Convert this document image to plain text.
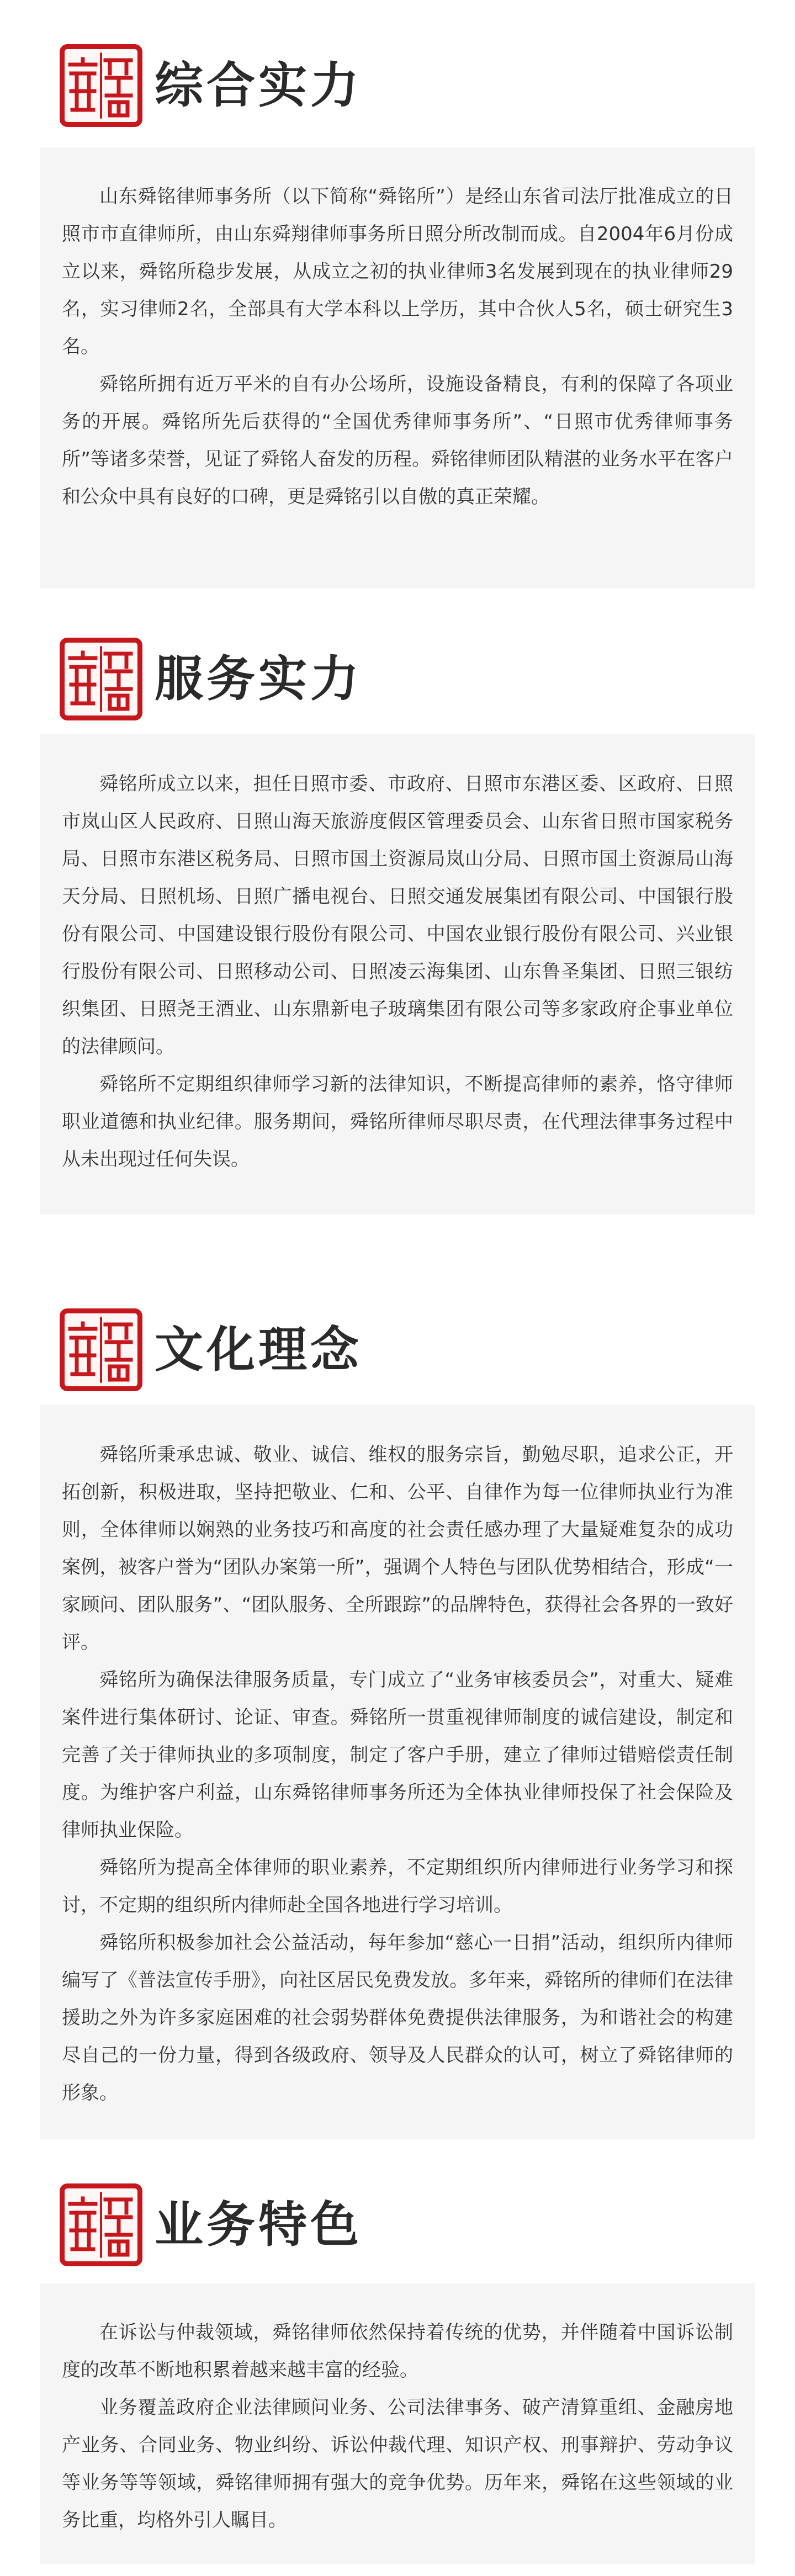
综合实力

山东舜铭律师事务所（以下简称“舜铭所”）是经山东省司法厅批准成立的日照市市直律师所，由山东舜翔律师事务所日照分所改制而成。自2004年6月份成立以来，舜铭所稳步发展，从成立之初的执业律师3名发展到现在的执业律师29名，实习律师2名，全部具有大学本科以上学历，其中合伙人5名，硕士研究生3名。

舜铭所拥有近万平米的自有办公场所，设施设备精良，有利的保障了各项业务的开展。舜铭所先后获得的“全国优秀律师事务所”、“日照市优秀律师事务所”等诸多荣誉，见证了舜铭人奋发的历程。舜铭律师团队精湛的业务水平在客户和公众中具有良好的口碑，更是舜铭引以自傲的真正荣耀。

服务实力

舜铭所成立以来，担任日照市委、市政府、日照市东港区委、区政府、日照市岚山区人民政府、日照山海天旅游度假区管理委员会、山东省日照市国家税务局、日照市东港区税务局、日照市国土资源局岚山分局、日照市国土资源局山海天分局、日照机场、日照广播电视台、日照交通发展集团有限公司、中国银行股份有限公司、中国建设银行股份有限公司、中国农业银行股份有限公司、兴业银行股份有限公司、日照移动公司、日照凌云海集团、山东鲁圣集团、日照三银纺织集团、日照尧王酒业、山东鼎新电子玻璃集团有限公司等多家政府企事业单位的法律顾问。

舜铭所不定期组织律师学习新的法律知识，不断提高律师的素养，恪守律师职业道德和执业纪律。服务期间，舜铭所律师尽职尽责，在代理法律事务过程中从未出现过任何失误。

文化理念

舜铭所秉承忠诚、敬业、诚信、维权的服务宗旨，勤勉尽职，追求公正，开拓创新，积极进取，坚持把敬业、仁和、公平、自律作为每一位律师执业行为准则，全体律师以娴熟的业务技巧和高度的社会责任感办理了大量疑难复杂的成功案例，被客户誉为“团队办案第一所”，强调个人特色与团队优势相结合，形成“一家顾问、团队服务”、“团队服务、全所跟踪”的品牌特色，获得社会各界的一致好评。

舜铭所为确保法律服务质量，专门成立了“业务审核委员会”，对重大、疑难案件进行集体研讨、论证、审查。舜铭所一贯重视律师制度的诚信建设，制定和完善了关于律师执业的多项制度，制定了客户手册，建立了律师过错赔偿责任制度。为维护客户利益，山东舜铭律师事务所还为全体执业律师投保了社会保险及律师执业保险。

舜铭所为提高全体律师的职业素养，不定期组织所内律师进行业务学习和探讨，不定期的组织所内律师赴全国各地进行学习培训。

舜铭所积极参加社会公益活动，每年参加“慈心一日捐”活动，组织所内律师编写了《普法宣传手册》，向社区居民免费发放。多年来，舜铭所的律师们在法律援助之外为许多家庭困难的社会弱势群体免费提供法律服务，为和谐社会的构建尽自己的一份力量，得到各级政府、领导及人民群众的认可，树立了舜铭律师的形象。

业务特色

在诉讼与仲裁领域，舜铭律师依然保持着传统的优势，并伴随着中国诉讼制度的改革不断地积累着越来越丰富的经验。

业务覆盖政府企业法律顾问业务、公司法律事务、破产清算重组、金融房地产业务、合同业务、物业纠纷、诉讼仲裁代理、知识产权、刑事辩护、劳动争议等业务等等领域，舜铭律师拥有强大的竞争优势。历年来，舜铭在这些领域的业务比重，均格外引人瞩目。
